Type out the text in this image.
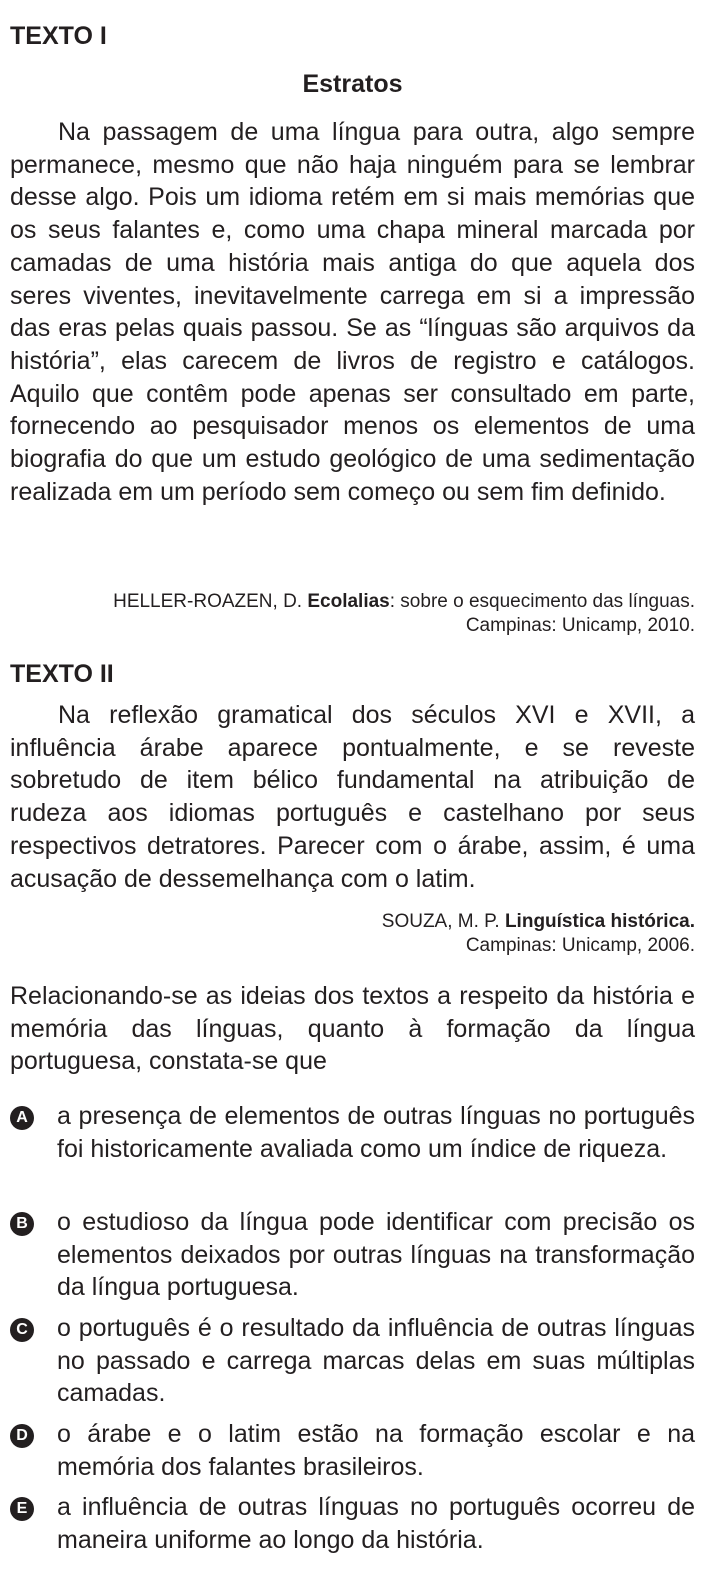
TEXTO I
Estratos

Na passagem de uma língua para outra, algo sempre permanece, mesmo que não haja ninguém para se lembrar desse algo. Pois um idioma retém em si mais memórias que os seus falantes e, como uma chapa mineral marcada por camadas de uma história mais antiga do que aquela dos seres viventes, inevitavelmente carrega em si a impressão das eras pelas quais passou. Se as “línguas são arquivos da história”, elas carecem de livros de registro e catálogos. Aquilo que contêm pode apenas ser consultado em parte, fornecendo ao pesquisador menos os elementos de uma biografia do que um estudo geológico de uma sedimentação realizada em um período sem começo ou sem fim definido.

HELLER-ROAZEN, D. Ecolalias: sobre o esquecimento das línguas.
Campinas: Unicamp, 2010.

TEXTO II

Na reflexão gramatical dos séculos XVI e XVII, a influência árabe aparece pontualmente, e se reveste sobretudo de item bélico fundamental na atribuição de rudeza aos idiomas português e castelhano por seus respectivos detratores. Parecer com o árabe, assim, é uma acusação de dessemelhança com o latim.

SOUZA, M. P. Linguística histórica.
Campinas: Unicamp, 2006.

Relacionando-se as ideias dos textos a respeito da história e memória das línguas, quanto à formação da língua portuguesa, constata-se que

A a presença de elementos de outras línguas no português foi historicamente avaliada como um índice de riqueza.

B o estudioso da língua pode identificar com precisão os elementos deixados por outras línguas na transformação da língua portuguesa.

C o português é o resultado da influência de outras línguas no passado e carrega marcas delas em suas múltiplas camadas.

D o árabe e o latim estão na formação escolar e na memória dos falantes brasileiros.

E a influência de outras línguas no português ocorreu de maneira uniforme ao longo da história.
